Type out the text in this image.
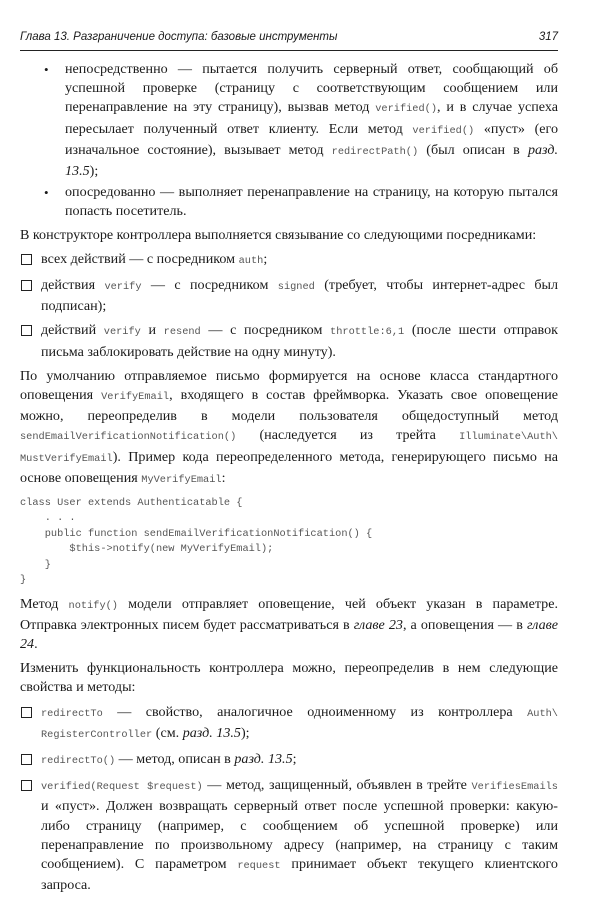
Глава 13. Разграничение доступа: базовые инструменты	317
• непосредственно — пытается получить серверный ответ, сообщающий об успешной проверке (страницу с соответствующим сообщением или перенаправление на эту страницу), вызвав метод verified(), и в случае успеха пересылает полученный ответ клиенту. Если метод verified() «пуст» (его изначальное состояние), вызывает метод redirectPath() (был описан в разд. 13.5);
• опосредованно — выполняет перенаправление на страницу, на которую пытался попасть посетитель.

В конструкторе контроллера выполняется связывание со следующими посредниками:

всех действий — с посредником auth;
действия verify — с посредником signed (требует, чтобы интернет-адрес был подписан);
действий verify и resend — с посредником throttle:6,1 (после шести отправок письма заблокировать действие на одну минуту).

По умолчанию отправляемое письмо формируется на основе класса стандартного оповещения VerifyEmail, входящего в состав фреймворка. Указать свое оповещение можно, переопределив в модели пользователя общедоступный метод sendEmailVerificationNotification() (наследуется из трейта Illuminate\Auth\ MustVerifyEmail). Пример кода переопределенного метода, генерирующего письмо на основе оповещения MyVerifyEmail:

class User extends Authenticatable {
. . .
public function sendEmailVerificationNotification() {
$this->notify(new MyVerifyEmail);
}
}

Метод notify() модели отправляет оповещение, чей объект указан в параметре. Отправка электронных писем будет рассматриваться в главе 23, а оповещения — в главе 24.

Изменить функциональность контроллера можно, переопределив в нем следующие свойства и методы:

redirectTo — свойство, аналогичное одноименному из контроллера Auth\ RegisterController (см. разд. 13.5);
redirectTo() — метод, описан в разд. 13.5;
verified(Request $request) — метод, защищенный, объявлен в трейте VerifiesEmails и «пуст». Должен возвращать серверный ответ после успешной проверки: какую-либо страницу (например, с сообщением об успешной проверке) или перенаправление по произвольному адресу (например, на страницу с таким сообщением). С параметром request принимает объект текущего клиентского запроса.
